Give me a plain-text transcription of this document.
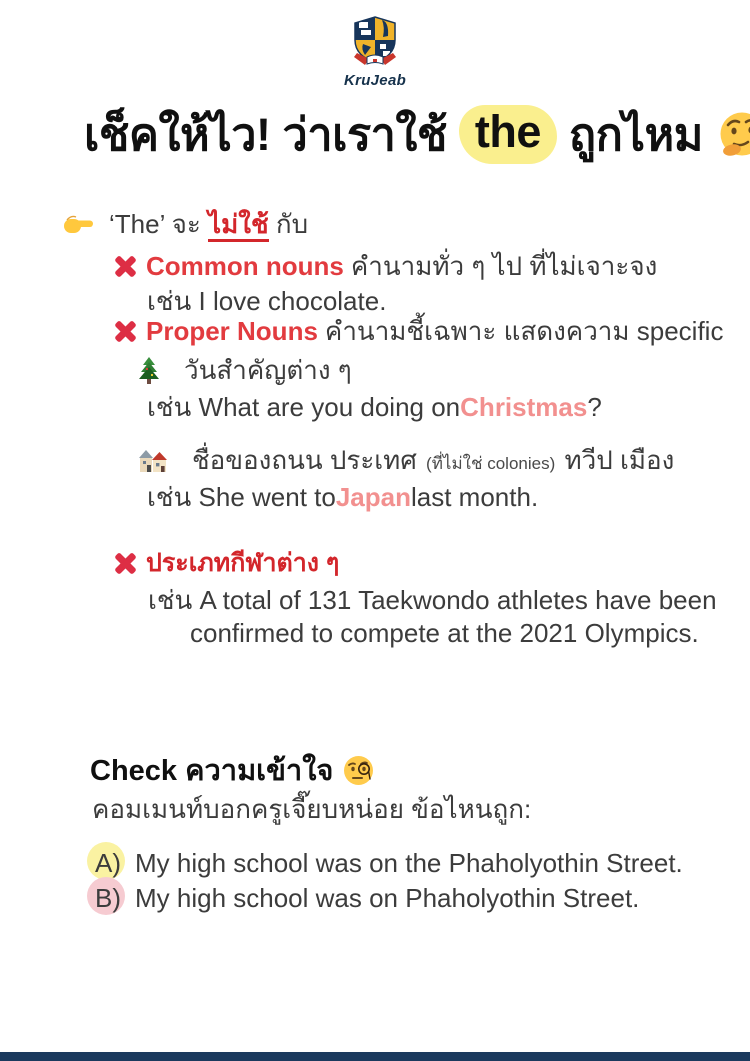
KruJeab
เช็คให้ไว! ว่าเราใช้ the ถูกไหม
‘The’ จะ ไม่ใช้ กับ
Common nouns คำนามทั่ว ๆ ไป ที่ไม่เจาะจง
เช่น I love chocolate.
Proper Nouns คำนามชี้เฉพาะ แสดงความ specific
วันสำคัญต่าง ๆ
เช่น What are you doing on Christmas ?
ชื่อของถนน ประเทศ (ที่ไม่ใช่ colonies) ทวีป เมือง
เช่น She went to Japan last month.
ประเภทกีฬาต่าง ๆ
เช่น A total of 131 Taekwondo athletes have been
confirmed to compete at the 2021 Olympics.
Check ความเข้าใจ
คอมเมนท์บอกครูเจี๊ยบหน่อย ข้อไหนถูก:
A) My high school was on the Phaholyothin Street.
B) My high school was on Phaholyothin Street.
